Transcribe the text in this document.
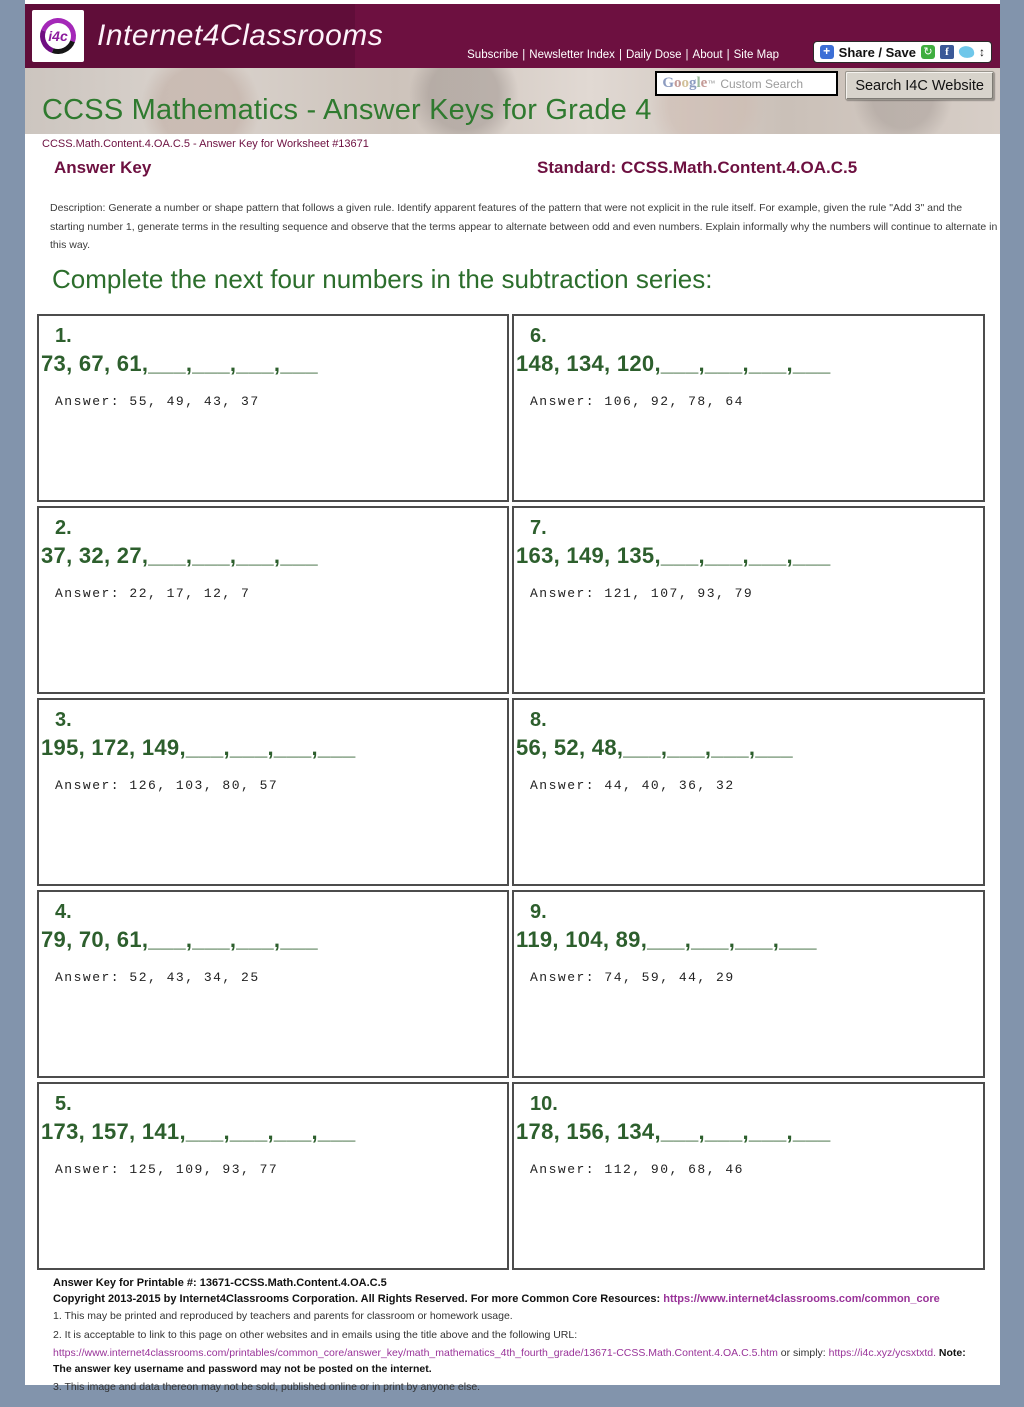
i4c Internet4Classrooms
Subscribe | Newsletter Index | Daily Dose | About | Site Map	+ Share / Save ↻	f	↕
Google ™ Custom Search	Search I4C Website
CCSS Mathematics - Answer Keys for Grade 4
CCSS.Math.Content.4.OA.C.5 - Answer Key for Worksheet #13671
Answer Key	Standard: CCSS.Math.Content.4.OA.C.5
Description: Generate a number or shape pattern that follows a given rule. Identify apparent features of the pattern that were not explicit in the rule itself. For example, given the rule "Add 3" and the starting number 1, generate terms in the resulting sequence and observe that the terms appear to alternate between odd and even numbers. Explain informally why the numbers will continue to alternate in this way.
Complete the next four numbers in the subtraction series:
1.
73, 67, 61,___,___,___,___
Answer: 55, 49, 43, 37
6.
148, 134, 120,___,___,___,___
Answer: 106, 92, 78, 64
2.
37, 32, 27,___,___,___,___
Answer: 22, 17, 12, 7
7.
163, 149, 135,___,___,___,___
Answer: 121, 107, 93, 79
3.
195, 172, 149,___,___,___,___
Answer: 126, 103, 80, 57
8.
56, 52, 48,___,___,___,___
Answer: 44, 40, 36, 32
4.
79, 70, 61,___,___,___,___
Answer: 52, 43, 34, 25
9.
119, 104, 89,___,___,___,___
Answer: 74, 59, 44, 29
5.
173, 157, 141,___,___,___,___
Answer: 125, 109, 93, 77
10.
178, 156, 134,___,___,___,___
Answer: 112, 90, 68, 46
Answer Key for Printable #: 13671-CCSS.Math.Content.4.OA.C.5
Copyright 2013-2015 by Internet4Classrooms Corporation. All Rights Reserved. For more Common Core Resources: https://www.internet4classrooms.com/common_core
1. This may be printed and reproduced by teachers and parents for classroom or homework usage.
2. It is acceptable to link to this page on other websites and in emails using the title above and the following URL:
https://www.internet4classrooms.com/printables/common_core/answer_key/math_mathematics_4th_fourth_grade/13671-CCSS.Math.Content.4.OA.C.5.htm or simply: https://i4c.xyz/ycsxtxtd. Note: The answer key username and password may not be posted on the internet.
3. This image and data thereon may not be sold, published online or in print by anyone else.
